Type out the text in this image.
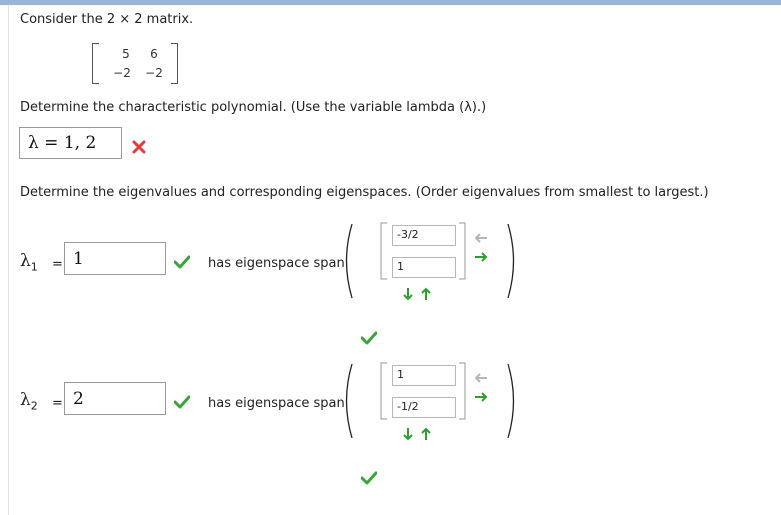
Consider the 2 × 2 matrix.
5	6
−2 −2
Determine the characteristic polynomial. (Use the variable lambda (λ).)
λ = 1, 2
Determine the eigenvalues and corresponding eigenspaces. (Order eigenvalues from smallest to largest.)
$\lambda_1 = 1$	has eigenspace span
-3/2
1
$\lambda_2 = 2$	has eigenspace span
1
-1/2
